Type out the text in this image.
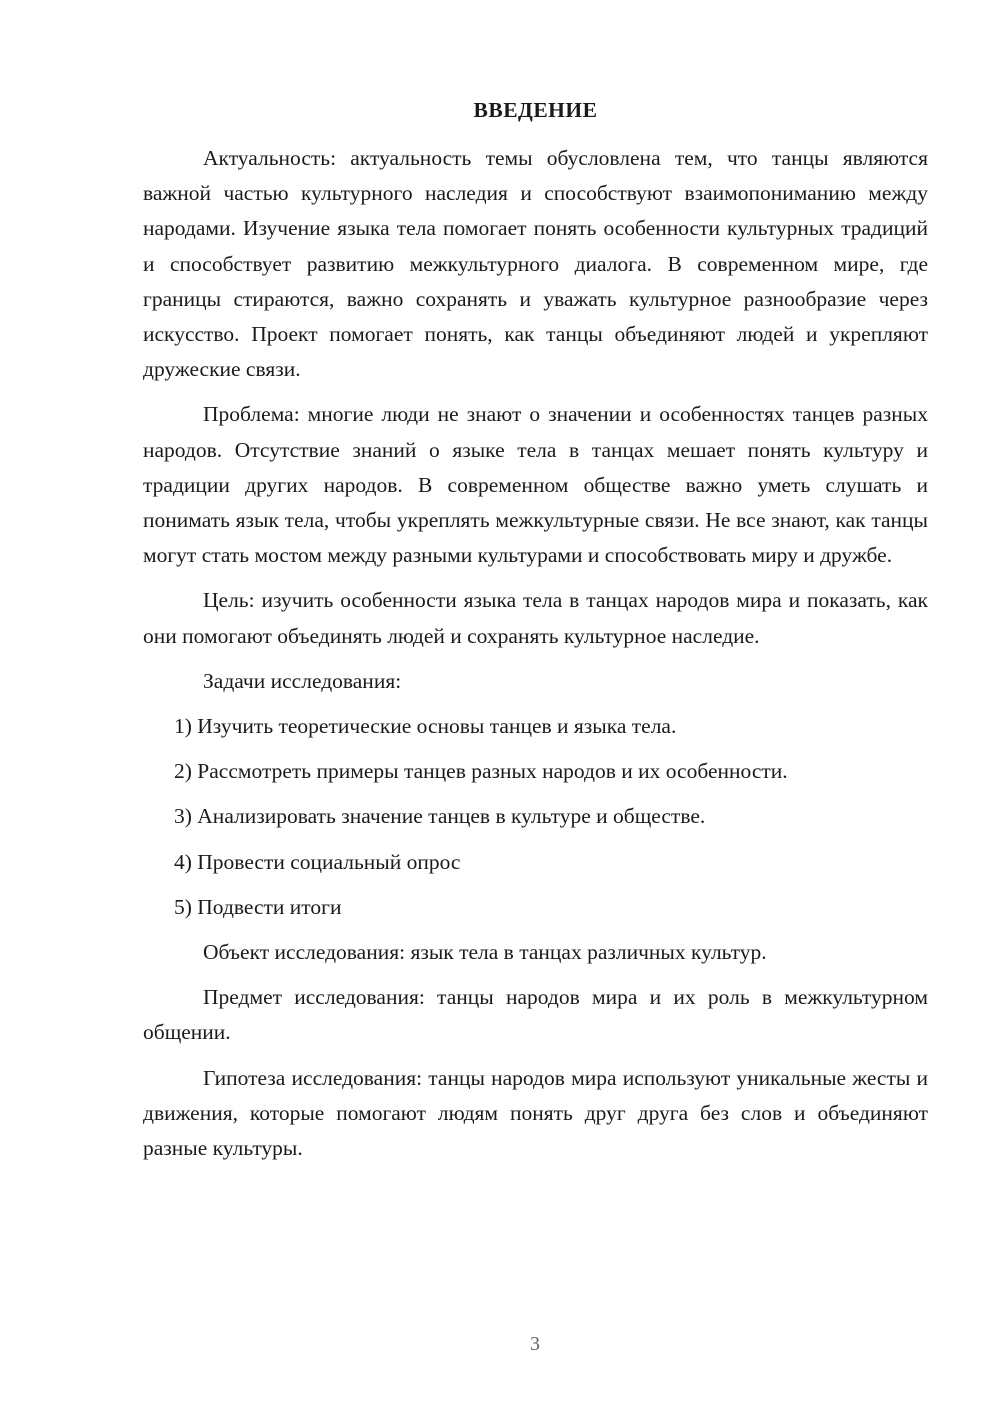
ВВЕДЕНИЕ

Актуальность: актуальность темы обусловлена тем, что танцы являются важной частью культурного наследия и способствуют взаимопониманию между народами. Изучение языка тела помогает понять особенности культурных традиций и способствует развитию межкультурного диалога. В современном мире, где границы стираются, важно сохранять и уважать культурное разнообразие через искусство. Проект помогает понять, как танцы объединяют людей и укрепляют дружеские связи.

Проблема: многие люди не знают о значении и особенностях танцев разных народов. Отсутствие знаний о языке тела в танцах мешает понять культуру и традиции других народов. В современном обществе важно уметь слушать и понимать язык тела, чтобы укреплять межкультурные связи. Не все знают, как танцы могут стать мостом между разными культурами и способствовать миру и дружбе.

Цель: изучить особенности языка тела в танцах народов мира и показать, как они помогают объединять людей и сохранять культурное наследие.

Задачи исследования:

1) Изучить теоретические основы танцев и языка тела.

2) Рассмотреть примеры танцев разных народов и их особенности.

3) Анализировать значение танцев в культуре и обществе.

4) Провести социальный опрос

5) Подвести итоги

Объект исследования: язык тела в танцах различных культур.

Предмет исследования: танцы народов мира и их роль в межкультурном общении.

Гипотеза исследования: танцы народов мира используют уникальные жесты и движения, которые помогают людям понять друг друга без слов и объединяют разные культуры.

3
